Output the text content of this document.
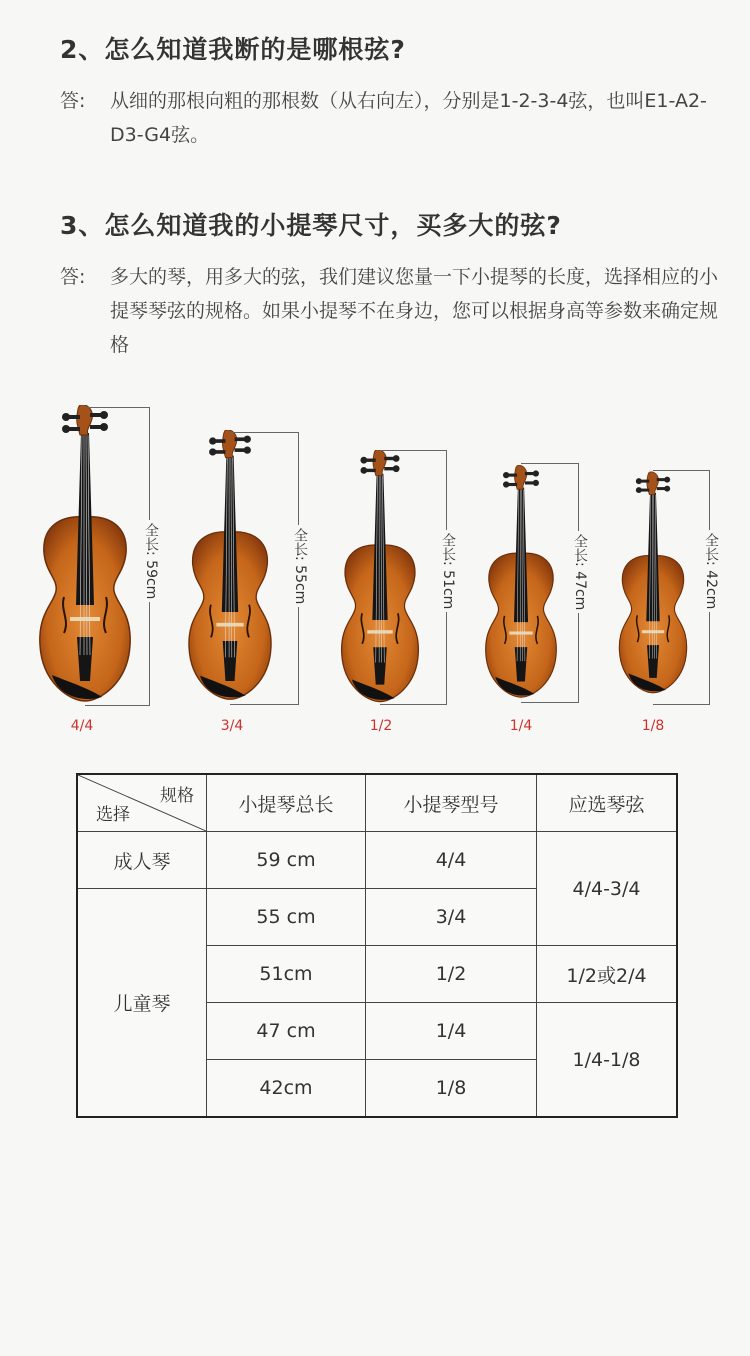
2、怎么知道我断的是哪根弦?
答: 从细的那根向粗的那根数（从右向左），分别是1-2-3-4弦，也叫E1-A2-D3-G4弦。
3、怎么知道我的小提琴尺寸，买多大的弦?
答: 多大的琴，用多大的弦，我们建议您量一下小提琴的长度，选择相应的小提琴琴弦的规格。如果小提琴不在身边，您可以根据身高等参数来确定规格
全长: 59cm
4/4
全长: 55cm
3/4
全长: 51cm
1/2
全长: 47cm
1/4
全长: 42cm
1/8
规格
选择	小提琴总长	小提琴型号	应选琴弦
成人琴	59 cm	4/4	4/4-3/4
儿童琴	55 cm	3/4	
	51cm	1/2	1/2或2/4
	47 cm	1/4	1/4-1/8
	42cm	1/8	
